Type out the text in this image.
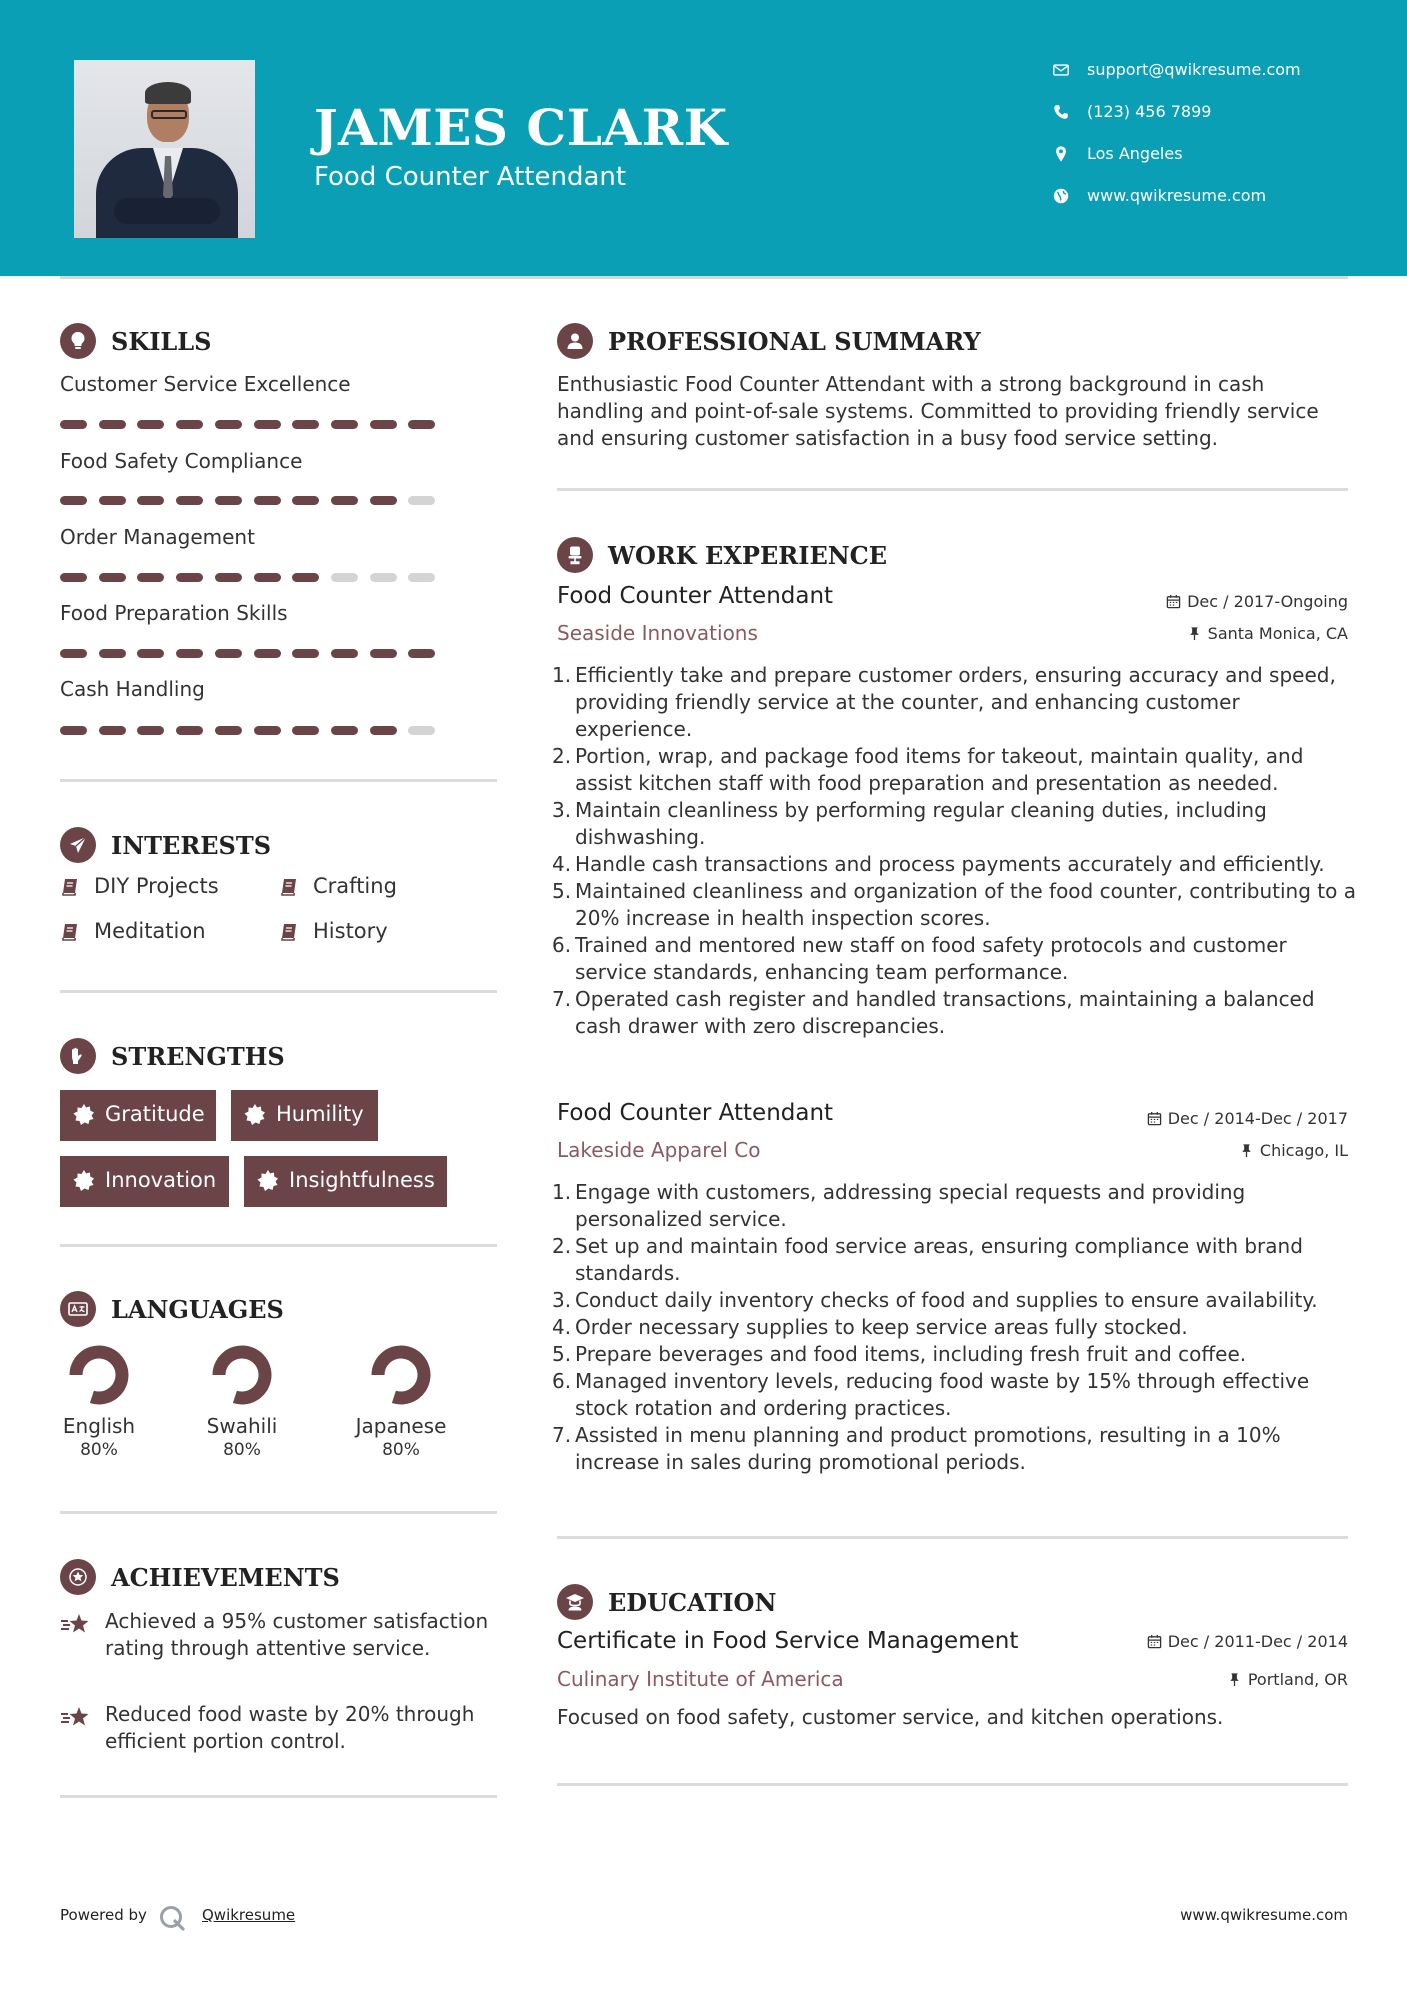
JAMES CLARK
Food Counter Attendant
support@qwikresume.com
(123) 456 7899
Los Angeles
www.qwikresume.com
SKILLS
Customer Service Excellence
Food Safety Compliance
Order Management
Food Preparation Skills
Cash Handling
INTERESTS
DIY Projects	Crafting
Meditation	History
STRENGTHS
Gratitude	Humility
Innovation	Insightfulness
LANGUAGES
English
80%
Swahili
80%
Japanese
80%
ACHIEVEMENTS
Achieved a 95% customer satisfaction rating through attentive service.
Reduced food waste by 20% through efficient portion control.
PROFESSIONAL SUMMARY
Enthusiastic Food Counter Attendant with a strong background in cash handling and point-of-sale systems. Committed to providing friendly service and ensuring customer satisfaction in a busy food service setting.
WORK EXPERIENCE
Food Counter Attendant	Dec / 2017-Ongoing
Seaside Innovations	Santa Monica, CA
1. Efficiently take and prepare customer orders, ensuring accuracy and speed, providing friendly service at the counter, and enhancing customer experience.
2. Portion, wrap, and package food items for takeout, maintain quality, and assist kitchen staff with food preparation and presentation as needed.
3. Maintain cleanliness by performing regular cleaning duties, including dishwashing.
4. Handle cash transactions and process payments accurately and efficiently.
5. Maintained cleanliness and organization of the food counter, contributing to a 20% increase in health inspection scores.
6. Trained and mentored new staff on food safety protocols and customer service standards, enhancing team performance.
7. Operated cash register and handled transactions, maintaining a balanced cash drawer with zero discrepancies.
Food Counter Attendant	Dec / 2014-Dec / 2017
Lakeside Apparel Co	Chicago, IL
1. Engage with customers, addressing special requests and providing personalized service.
2. Set up and maintain food service areas, ensuring compliance with brand standards.
3. Conduct daily inventory checks of food and supplies to ensure availability.
4. Order necessary supplies to keep service areas fully stocked.
5. Prepare beverages and food items, including fresh fruit and coffee.
6. Managed inventory levels, reducing food waste by 15% through effective stock rotation and ordering practices.
7. Assisted in menu planning and product promotions, resulting in a 10% increase in sales during promotional periods.
EDUCATION
Certificate in Food Service Management	Dec / 2011-Dec / 2014
Culinary Institute of America	Portland, OR
Focused on food safety, customer service, and kitchen operations.
Powered by	Qwikresume	www.qwikresume.com
